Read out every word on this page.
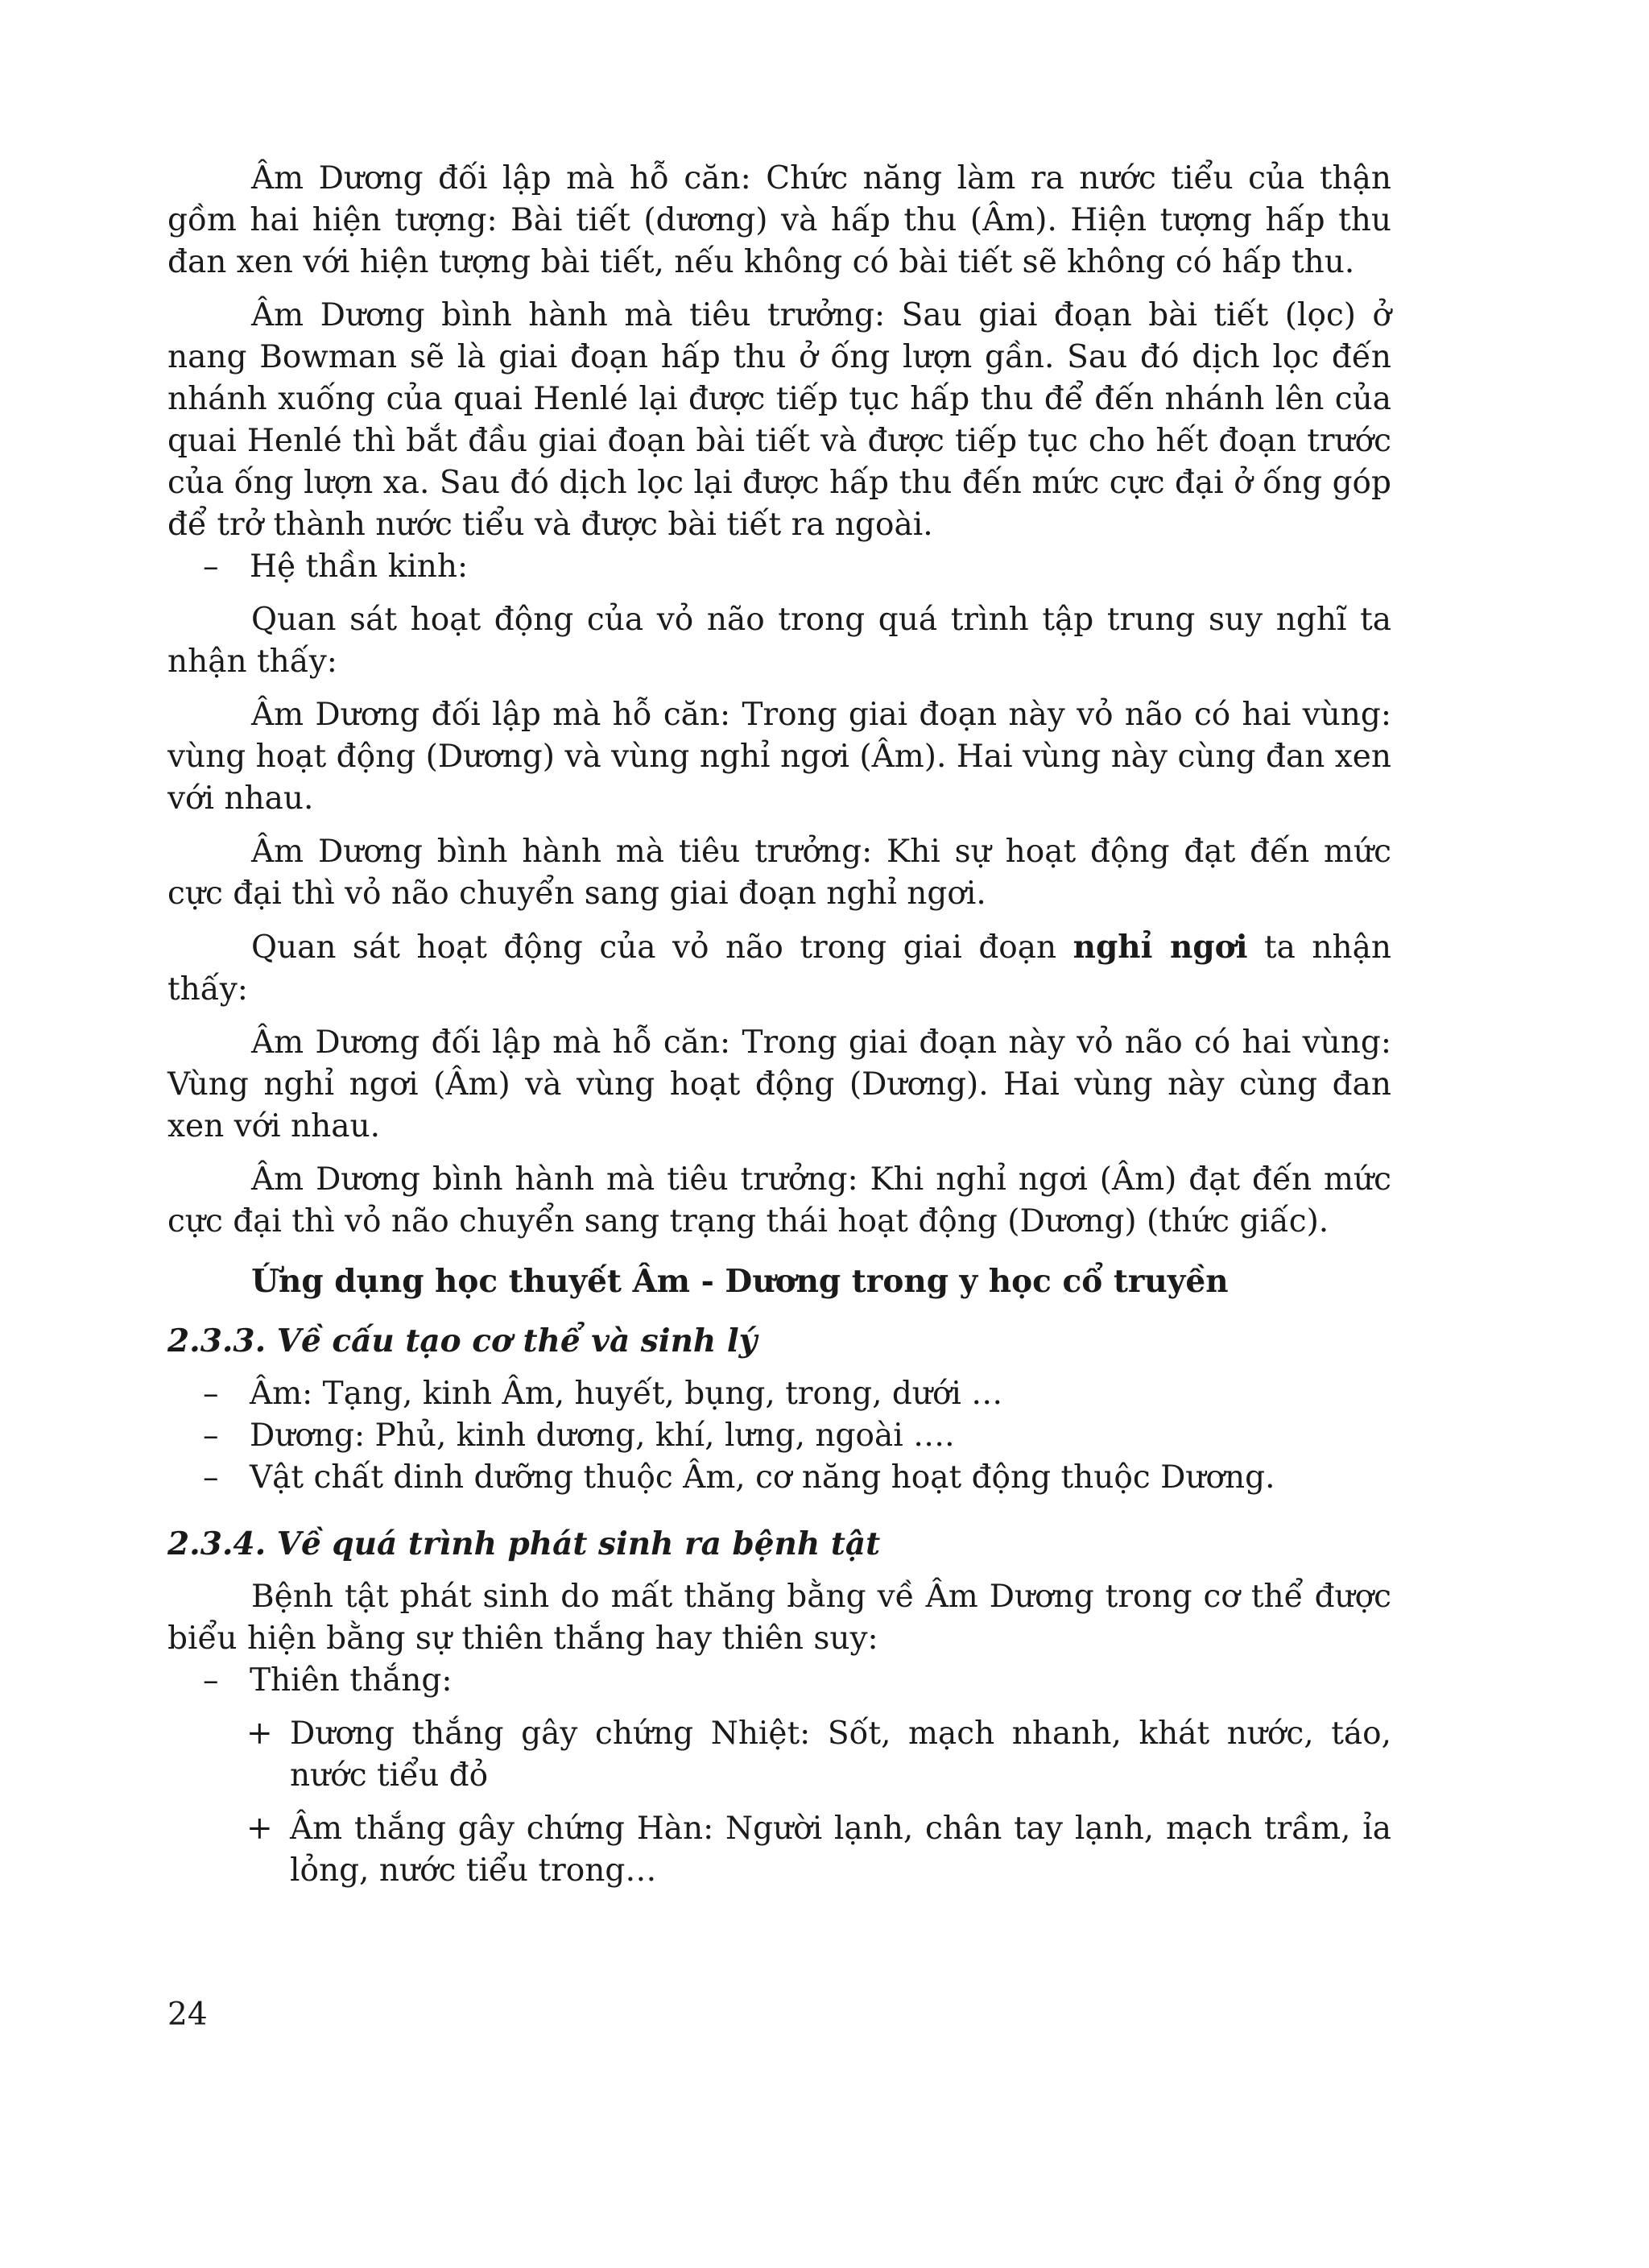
Âm Dương đối lập mà hỗ căn: Chức năng làm ra nước tiểu của thận gồm hai hiện tượng: Bài tiết (dương) và hấp thu (Âm). Hiện tượng hấp thu đan xen với hiện tượng bài tiết, nếu không có bài tiết sẽ không có hấp thu.

Âm Dương bình hành mà tiêu trưởng: Sau giai đoạn bài tiết (lọc) ở nang Bowman sẽ là giai đoạn hấp thu ở ống lượn gần. Sau đó dịch lọc đến nhánh xuống của quai Henlé lại được tiếp tục hấp thu để đến nhánh lên của quai Henlé thì bắt đầu giai đoạn bài tiết và được tiếp tục cho hết đoạn trước của ống lượn xa. Sau đó dịch lọc lại được hấp thu đến mức cực đại ở ống góp để trở thành nước tiểu và được bài tiết ra ngoài.

– Hệ thần kinh:

Quan sát hoạt động của vỏ não trong quá trình tập trung suy nghĩ ta nhận thấy:

Âm Dương đối lập mà hỗ căn: Trong giai đoạn này vỏ não có hai vùng: vùng hoạt động (Dương) và vùng nghỉ ngơi (Âm). Hai vùng này cùng đan xen với nhau.

Âm Dương bình hành mà tiêu trưởng: Khi sự hoạt động đạt đến mức cực đại thì vỏ não chuyển sang giai đoạn nghỉ ngơi.

Quan sát hoạt động của vỏ não trong giai đoạn nghỉ ngơi ta nhận thấy:

Âm Dương đối lập mà hỗ căn: Trong giai đoạn này vỏ não có hai vùng: Vùng nghỉ ngơi (Âm) và vùng hoạt động (Dương). Hai vùng này cùng đan xen với nhau.

Âm Dương bình hành mà tiêu trưởng: Khi nghỉ ngơi (Âm) đạt đến mức cực đại thì vỏ não chuyển sang trạng thái hoạt động (Dương) (thức giấc).

Ứng dụng học thuyết Âm - Dương trong y học cổ truyền
2.3.3. Về cấu tạo cơ thể và sinh lý
– Âm: Tạng, kinh Âm, huyết, bụng, trong, dưới …
– Dương: Phủ, kinh dương, khí, lưng, ngoài ….
– Vật chất dinh dưỡng thuộc Âm, cơ năng hoạt động thuộc Dương.
2.3.4. Về quá trình phát sinh ra bệnh tật

Bệnh tật phát sinh do mất thăng bằng về Âm Dương trong cơ thể được biểu hiện bằng sự thiên thắng hay thiên suy:

– Thiên thắng:
+ Dương thắng gây chứng Nhiệt: Sốt, mạch nhanh, khát nước, táo, nước tiểu đỏ
+ Âm thắng gây chứng Hàn: Người lạnh, chân tay lạnh, mạch trầm, ỉa lỏng, nước tiểu trong…
24
